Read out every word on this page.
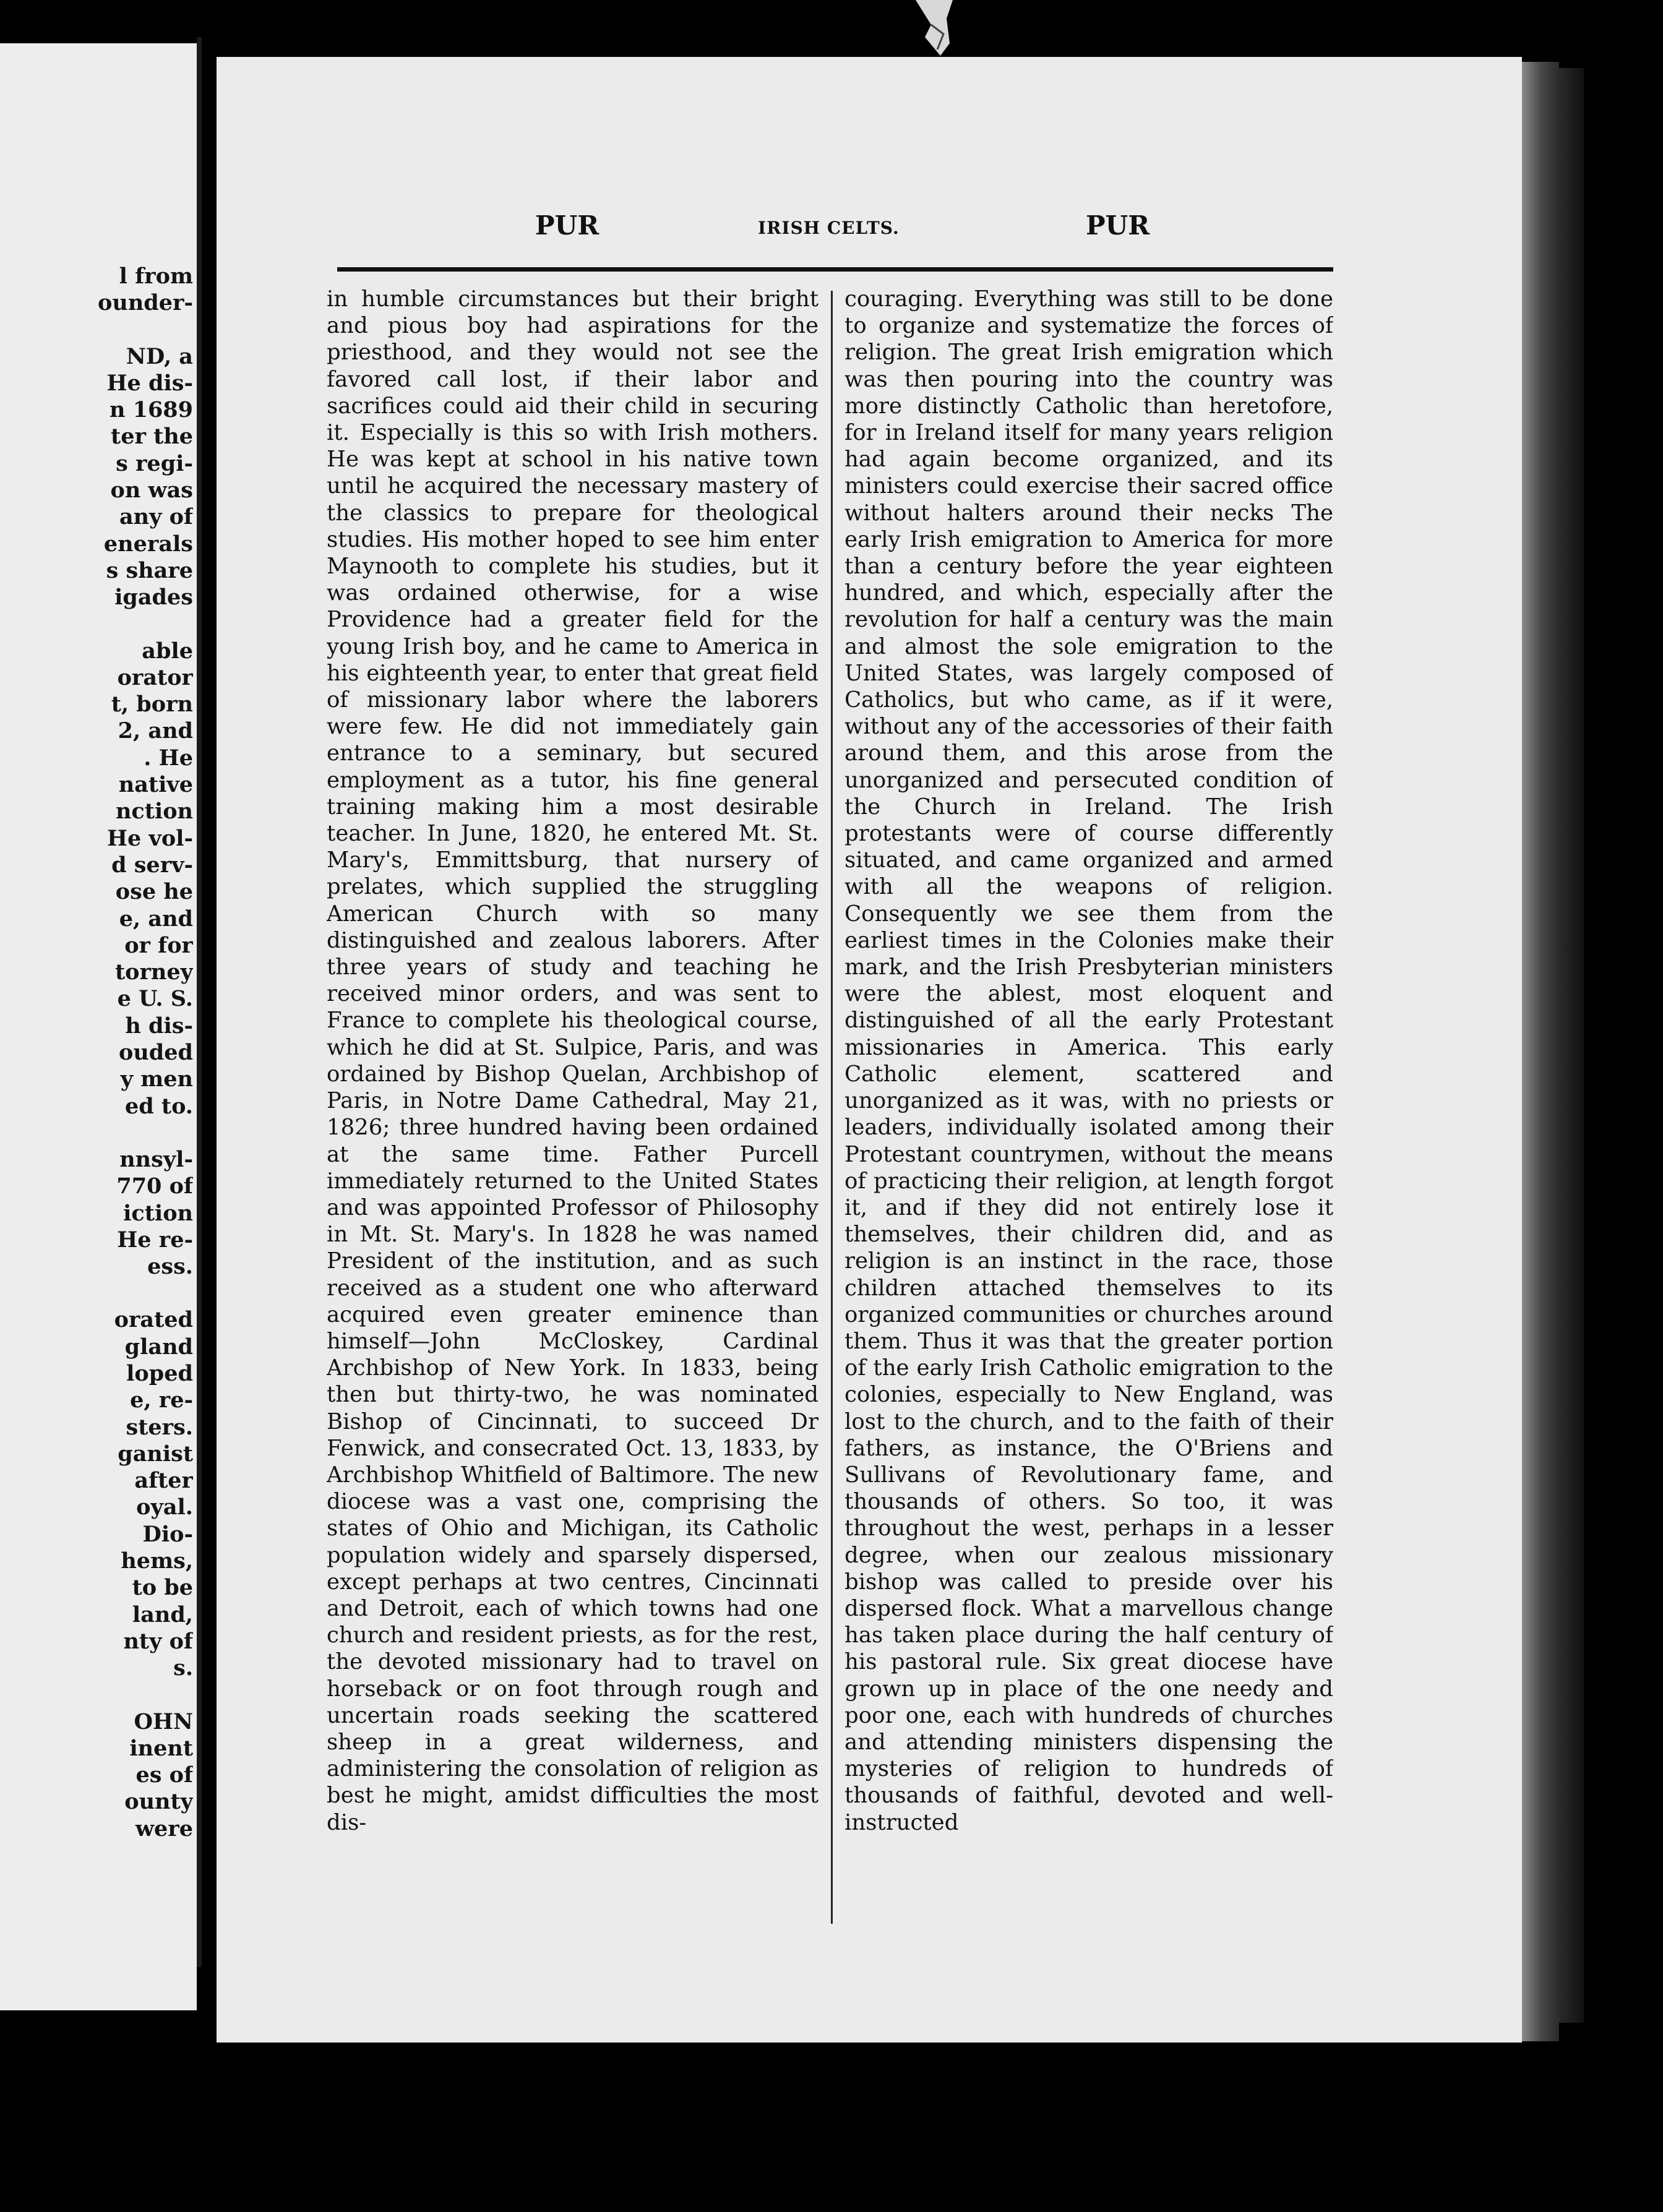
l from
ounder-
ND, a
He dis-
n 1689
ter the
s regi-
on was
any of
enerals
s share
igades
able
orator
t, born
2, and
. He
native
nction
He vol-
d serv-
ose he
e, and
or for
torney
e U. S.
h dis-
ouded
y men
ed to.
nnsyl-
770 of
iction
He re-
ess.
orated
gland
loped
e, re-
sters.
ganist
after
oyal.
Dio-
hems,
to be
land,
nty of
s.
OHN
inent
es of
ounty
were
PUR	IRISH CELTS.	PUR
in humble circumstances but their bright and pious boy had aspirations for the priesthood, and they would not see the favored call lost, if their labor and sacrifices could aid their child in securing it. Especially is this so with Irish mothers. He was kept at school in his native town until he acquired the necessary mastery of the classics to prepare for theological studies. His mother hoped to see him enter Maynooth to complete his studies, but it was ordained otherwise, for a wise Providence had a greater field for the young Irish boy, and he came to America in his eighteenth year, to enter that great field of missionary labor where the laborers were few. He did not immediately gain entrance to a seminary, but secured employment as a tutor, his fine general training making him a most desirable teacher. In June, 1820, he entered Mt. St. Mary's, Emmittsburg, that nursery of prelates, which supplied the struggling American Church with so many distinguished and zealous laborers. After three years of study and teaching he received minor orders, and was sent to France to complete his theological course, which he did at St. Sulpice, Paris, and was ordained by Bishop Quelan, Archbishop of Paris, in Notre Dame Cathedral, May 21, 1826; three hundred having been ordained at the same time. Father Purcell immediately returned to the United States and was appointed Professor of Philosophy in Mt. St. Mary's. In 1828 he was named President of the institution, and as such received as a student one who afterward acquired even greater eminence than himself—John McCloskey, Cardinal Archbishop of New York. In 1833, being then but thirty-two, he was nominated Bishop of Cincinnati, to succeed Dr Fenwick, and consecrated Oct. 13, 1833, by Archbishop Whitfield of Baltimore. The new diocese was a vast one, comprising the states of Ohio and Michigan, its Catholic population widely and sparsely dispersed, except perhaps at two centres, Cincinnati and Detroit, each of which towns had one church and resident priests, as for the rest, the devoted missionary had to travel on horseback or on foot through rough and uncertain roads seeking the scattered sheep in a great wilderness, and administering the consolation of religion as best he might, amidst difficulties the most dis-
couraging. Everything was still to be done to organize and systematize the forces of religion. The great Irish emigration which was then pouring into the country was more distinctly Catholic than heretofore, for in Ireland itself for many years religion had again become organized, and its ministers could exercise their sacred office without halters around their necks The early Irish emigration to America for more than a century before the year eighteen hundred, and which, especially after the revolution for half a century was the main and almost the sole emigration to the United States, was largely composed of Catholics, but who came, as if it were, without any of the accessories of their faith around them, and this arose from the unorganized and persecuted condition of the Church in Ireland. The Irish protestants were of course differently situated, and came organized and armed with all the weapons of religion. Consequently we see them from the earliest times in the Colonies make their mark, and the Irish Presbyterian ministers were the ablest, most eloquent and distinguished of all the early Protestant missionaries in America. This early Catholic element, scattered and unorganized as it was, with no priests or leaders, individually isolated among their Protestant countrymen, without the means of practicing their religion, at length forgot it, and if they did not entirely lose it themselves, their children did, and as religion is an instinct in the race, those children attached themselves to its organized communities or churches around them. Thus it was that the greater portion of the early Irish Catholic emigration to the colonies, especially to New England, was lost to the church, and to the faith of their fathers, as instance, the O'Briens and Sullivans of Revolutionary fame, and thousands of others. So too, it was throughout the west, perhaps in a lesser degree, when our zealous missionary bishop was called to preside over his dispersed flock. What a marvellous change has taken place during the half century of his pastoral rule. Six great diocese have grown up in place of the one needy and poor one, each with hundreds of churches and attending ministers dispensing the mysteries of religion to hundreds of thousands of faithful, devoted and well-instructed
